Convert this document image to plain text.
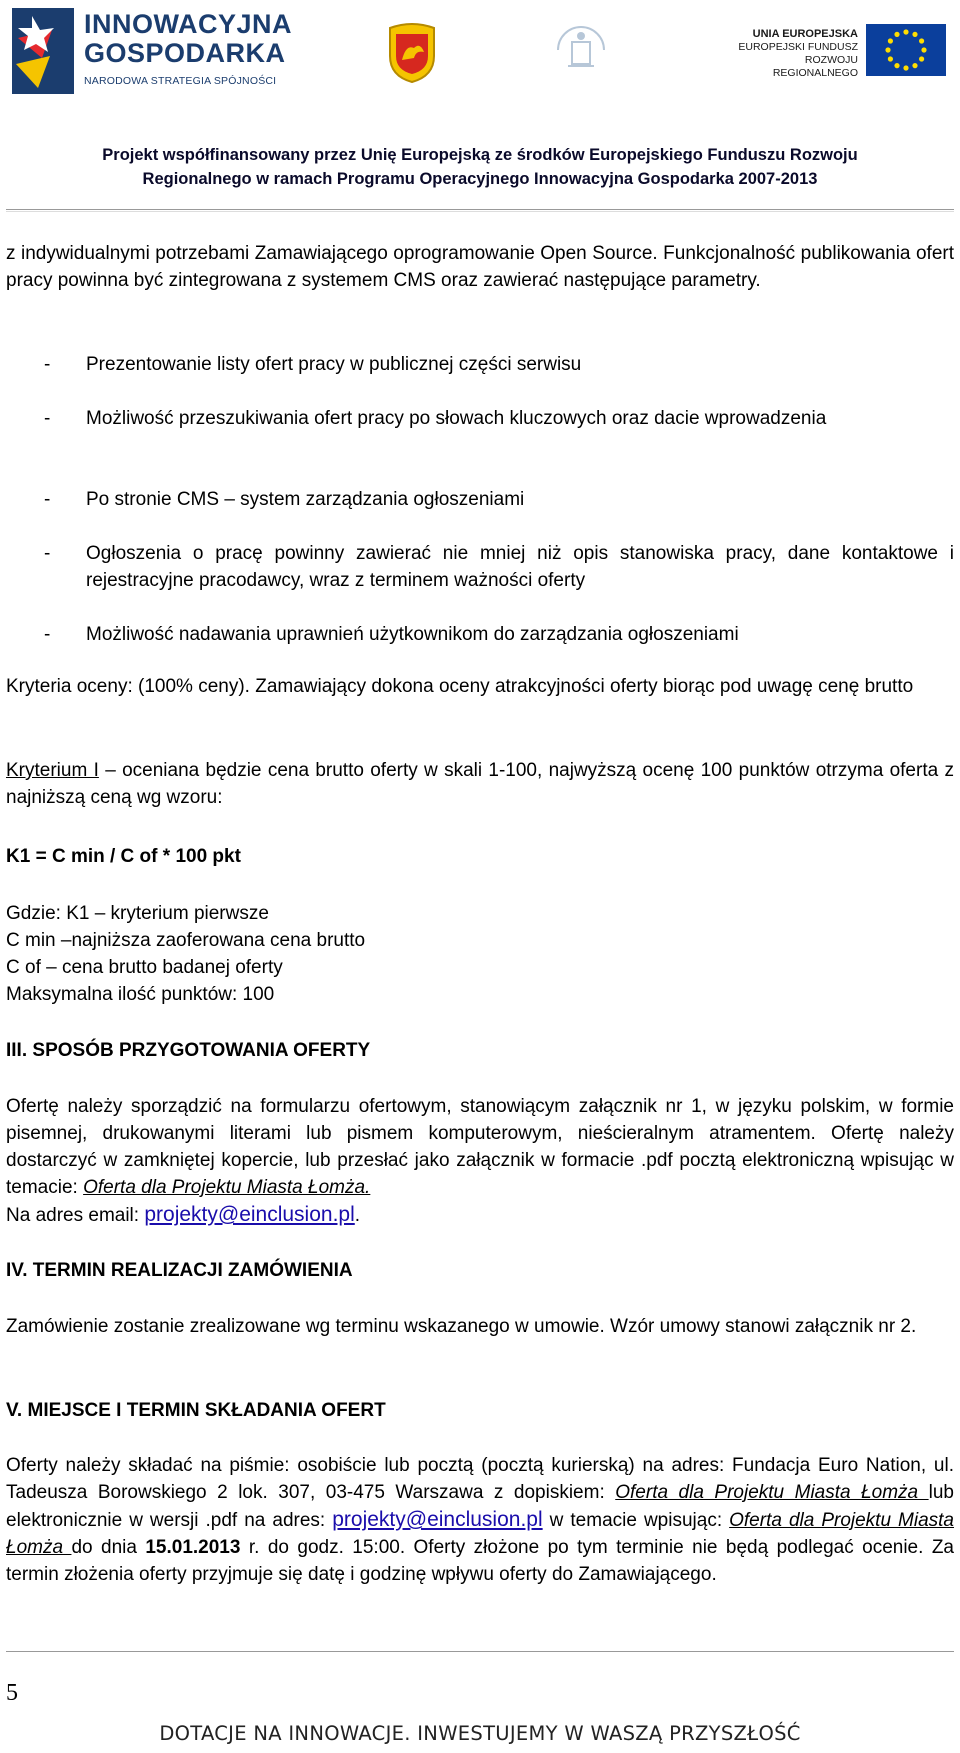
INNOWACYJNA
GOSPODARKA
NARODOWA STRATEGIA SPÓJNOŚCI
UNIA EUROPEJSKA
EUROPEJSKI FUNDUSZ
ROZWOJU REGIONALNEGO
Projekt współfinansowany przez Unię Europejską ze środków Europejskiego Funduszu Rozwoju
Regionalnego w ramach Programu Operacyjnego Innowacyjna Gospodarka 2007-2013

z indywidualnymi potrzebami Zamawiającego oprogramowanie Open Source. Funkcjonalność publikowania ofert pracy powinna być zintegrowana z systemem CMS oraz zawierać następujące parametry.

- Prezentowanie listy ofert pracy w publicznej części serwisu
- Możliwość przeszukiwania ofert pracy po słowach kluczowych oraz dacie wprowadzenia
- Po stronie CMS – system zarządzania ogłoszeniami
- Ogłoszenia o pracę powinny zawierać nie mniej niż opis stanowiska pracy, dane kontaktowe i rejestracyjne pracodawcy, wraz z terminem ważności oferty
- Możliwość nadawania uprawnień użytkownikom do zarządzania ogłoszeniami

Kryteria oceny: (100% ceny). Zamawiający dokona oceny atrakcyjności oferty biorąc pod uwagę cenę brutto

Kryterium I – oceniana będzie cena brutto oferty w skali 1-100, najwyższą ocenę 100 punktów otrzyma oferta z najniższą ceną wg wzoru:

K1 = C min / C of * 100 pkt

Gdzie: K1 – kryterium pierwsze
C min –najniższa zaoferowana cena brutto
C of – cena brutto badanej oferty
Maksymalna ilość punktów: 100

III. SPOSÓB PRZYGOTOWANIA OFERTY

Ofertę należy sporządzić na formularzu ofertowym, stanowiącym załącznik nr 1, w języku polskim, w formie pisemnej, drukowanymi literami lub pismem komputerowym, nieścieralnym atramentem. Ofertę należy dostarczyć w zamkniętej kopercie, lub przesłać jako załącznik w formacie .pdf pocztą elektroniczną wpisując w temacie: Oferta dla Projektu Miasta Łomża.
Na adres email: projekty@einclusion.pl.

IV. TERMIN REALIZACJI ZAMÓWIENIA

Zamówienie zostanie zrealizowane wg terminu wskazanego w umowie. Wzór umowy stanowi załącznik nr 2.

V. MIEJSCE I TERMIN SKŁADANIA OFERT

Oferty należy składać na piśmie: osobiście lub pocztą (pocztą kurierską) na adres: Fundacja Euro Nation, ul. Tadeusza Borowskiego 2 lok. 307, 03-475 Warszawa z dopiskiem: Oferta dla Projektu Miasta Łomża lub elektronicznie w wersji .pdf na adres: projekty@einclusion.pl w temacie wpisując: Oferta dla Projektu Miasta Łomża do dnia 15.01.2013 r. do godz. 15:00. Oferty złożone po tym terminie nie będą podlegać ocenie. Za termin złożenia oferty przyjmuje się datę i godzinę wpływu oferty do Zamawiającego.

5
DOTACJE NA INNOWACJE. INWESTUJEMY W WASZĄ PRZYSZŁOŚĆ
